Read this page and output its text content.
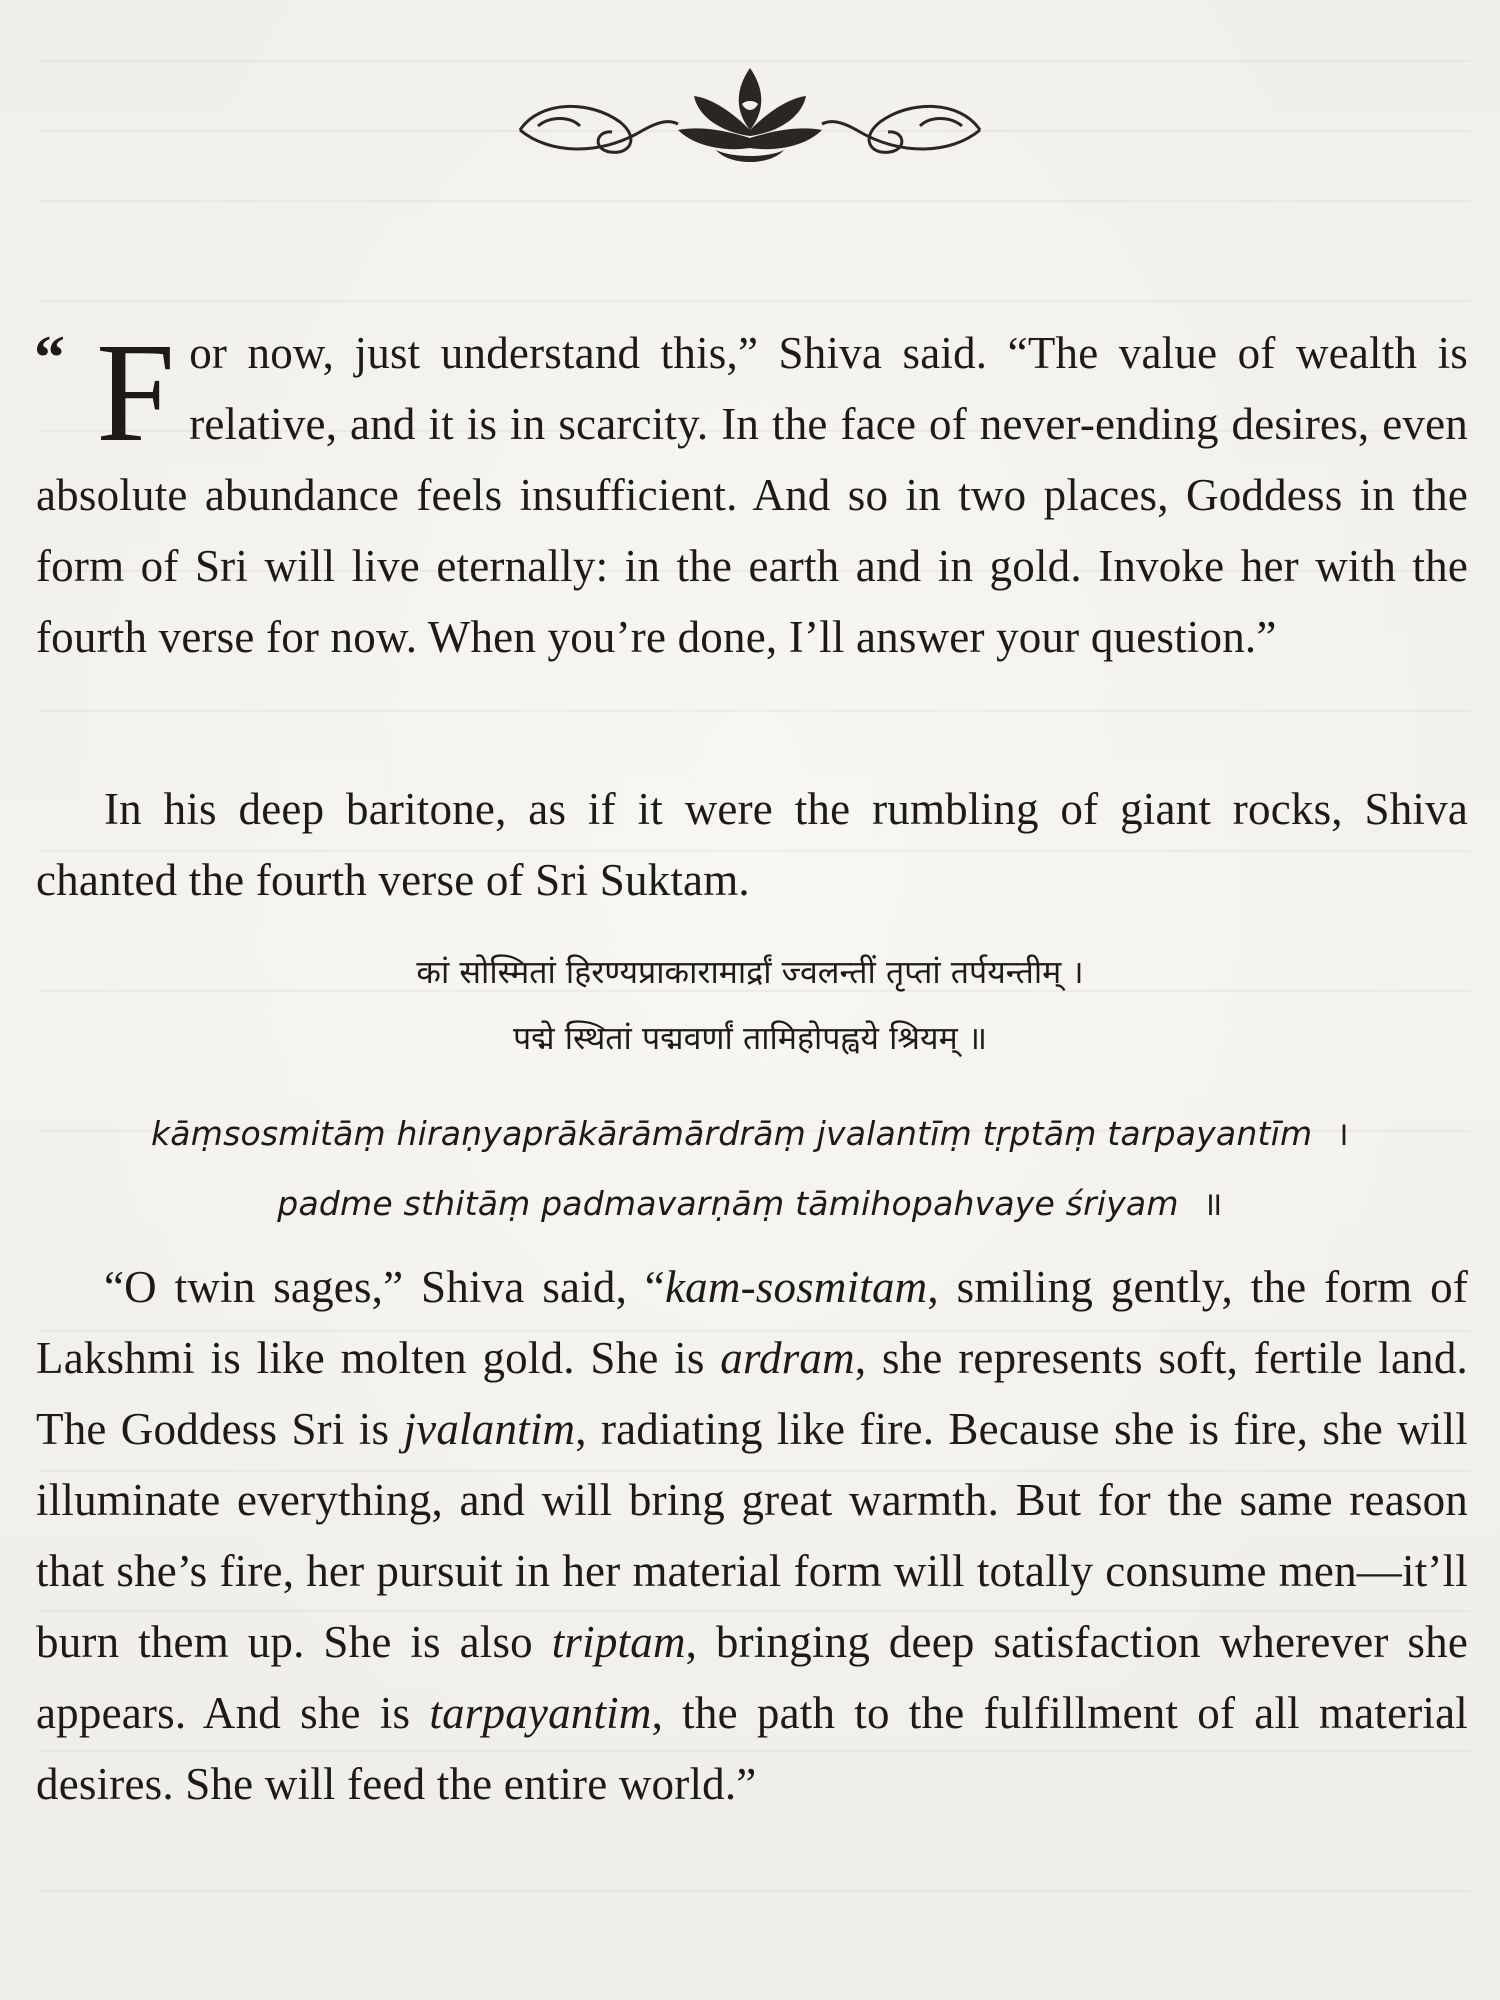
“ F or now, just understand this,” Shiva said. “The value of wealth is relative, and it is in scarcity. In the face of never-ending desires, even absolute abundance feels insufficient. And so in two places, Goddess in the form of Sri will live eternally: in the earth and in gold. Invoke her with the fourth verse for now. When you’re done, I’ll answer your question.”

In his deep baritone, as if it were the rumbling of giant rocks, Shiva chanted the fourth verse of Sri Suktam.

कां सोस्मितां हिरण्यप्राकारामार्द्रां ज्वलन्तीं तृप्तां तर्पयन्तीम् ।
पद्मे स्थितां पद्मवर्णां तामिहोपह्वये श्रियम् ॥
kāṃsosmitāṃ hiraṇyaprākārāmārdrāṃ jvalantīṃ tṛptāṃ tarpayantīm ।
padme sthitāṃ padmavarṇāṃ tāmihopahvaye śriyam ॥

“O twin sages,” Shiva said, “kam-sosmitam, smiling gently, the form of Lakshmi is like molten gold. She is ardram, she represents soft, fertile land. The Goddess Sri is jvalantim, radiating like fire. Because she is fire, she will illuminate everything, and will bring great warmth. But for the same reason that she’s fire, her pursuit in her material form will totally consume men—it’ll burn them up. She is also triptam, bringing deep satisfaction wherever she appears. And she is tarpayantim, the path to the fulfillment of all material desires. She will feed the entire world.”
